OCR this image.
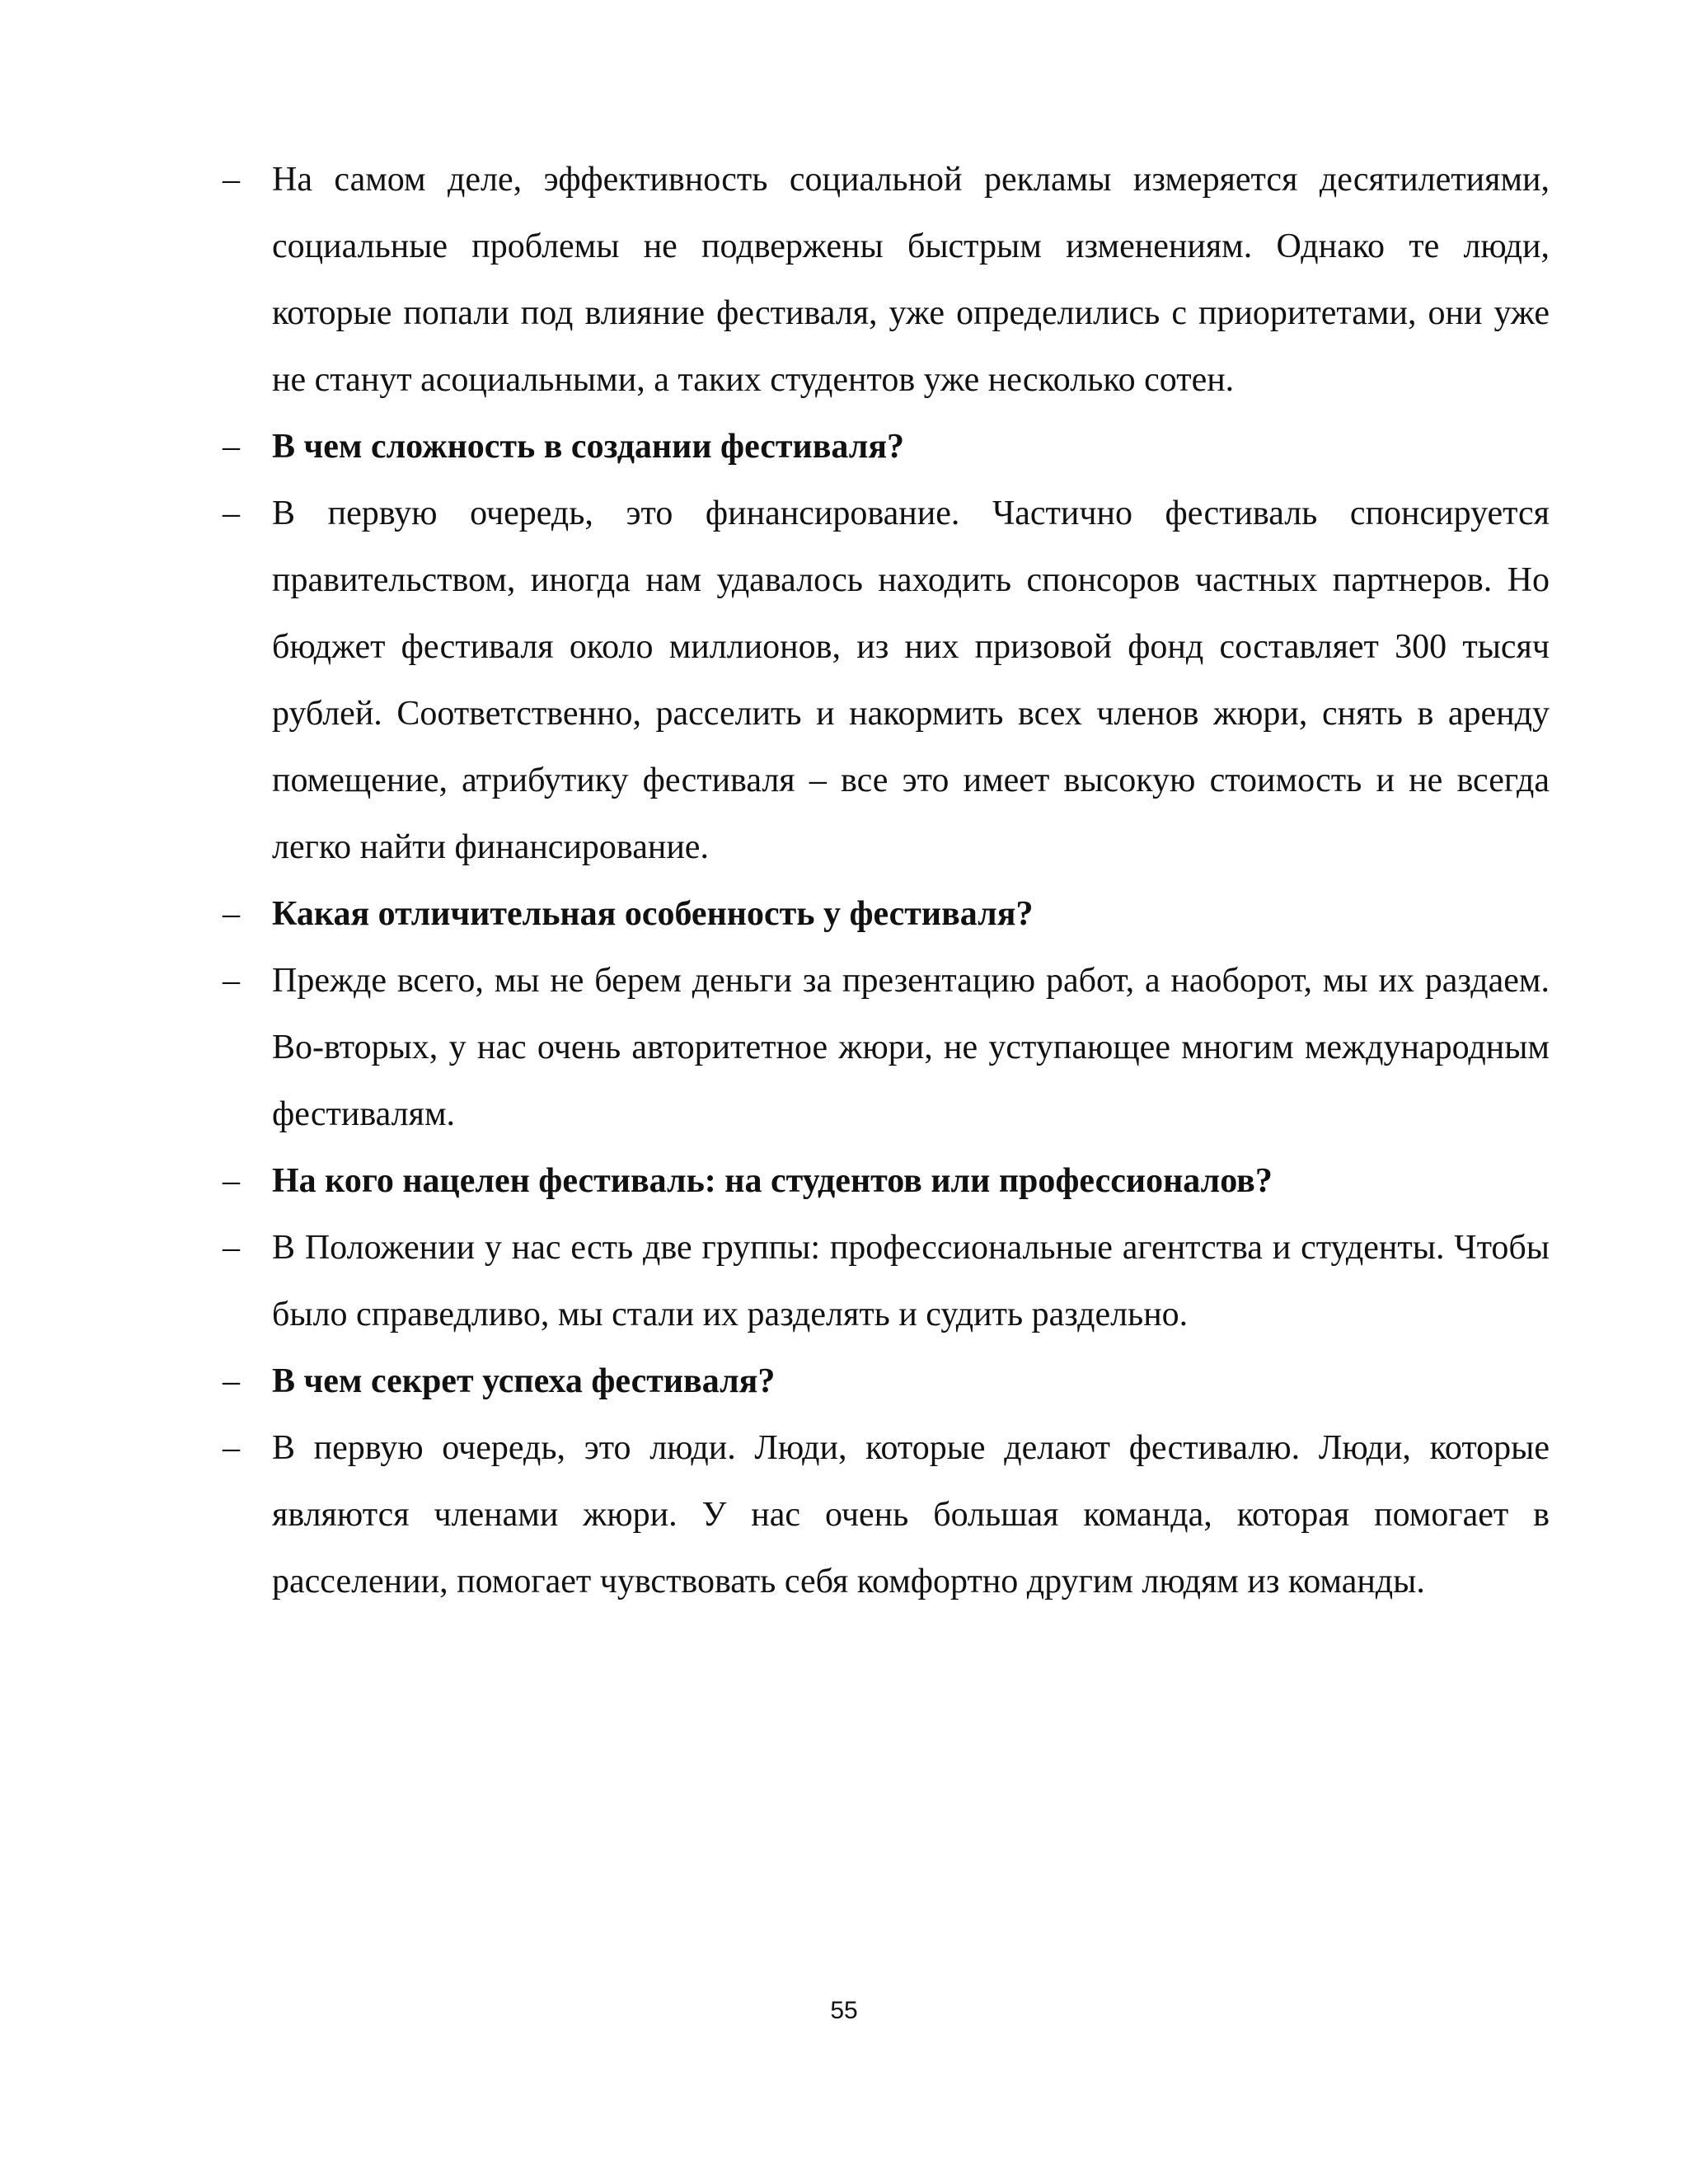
– На самом деле, эффективность социальной рекламы измеряется десятилетиями, социальные проблемы не подвержены быстрым изменениям. Однако те люди, которые попали под влияние фестиваля, уже определились с приоритетами, они уже не станут асоциальными, а таких студентов уже несколько сотен.
– В чем сложность в создании фестиваля?
– В первую очередь, это финансирование. Частично фестиваль спонсируется правительством, иногда нам удавалось находить спонсоров частных партнеров. Но бюджет фестиваля около миллионов, из них призовой фонд составляет 300 тысяч рублей. Соответственно, расселить и накормить всех членов жюри, снять в аренду помещение, атрибутику фестиваля – все это имеет высокую стоимость и не всегда легко найти финансирование.
– Какая отличительная особенность у фестиваля?
– Прежде всего, мы не берем деньги за презентацию работ, а наоборот, мы их раздаем. Во-вторых, у нас очень авторитетное жюри, не уступающее многим международным фестивалям.
– На кого нацелен фестиваль: на студентов или профессионалов?
– В Положении у нас есть две группы: профессиональные агентства и студенты. Чтобы было справедливо, мы стали их разделять и судить раздельно.
– В чем секрет успеха фестиваля?
– В первую очередь, это люди. Люди, которые делают фестивалю. Люди, которые являются членами жюри. У нас очень большая команда, которая помогает в расселении, помогает чувствовать себя комфортно другим людям из команды.
55
